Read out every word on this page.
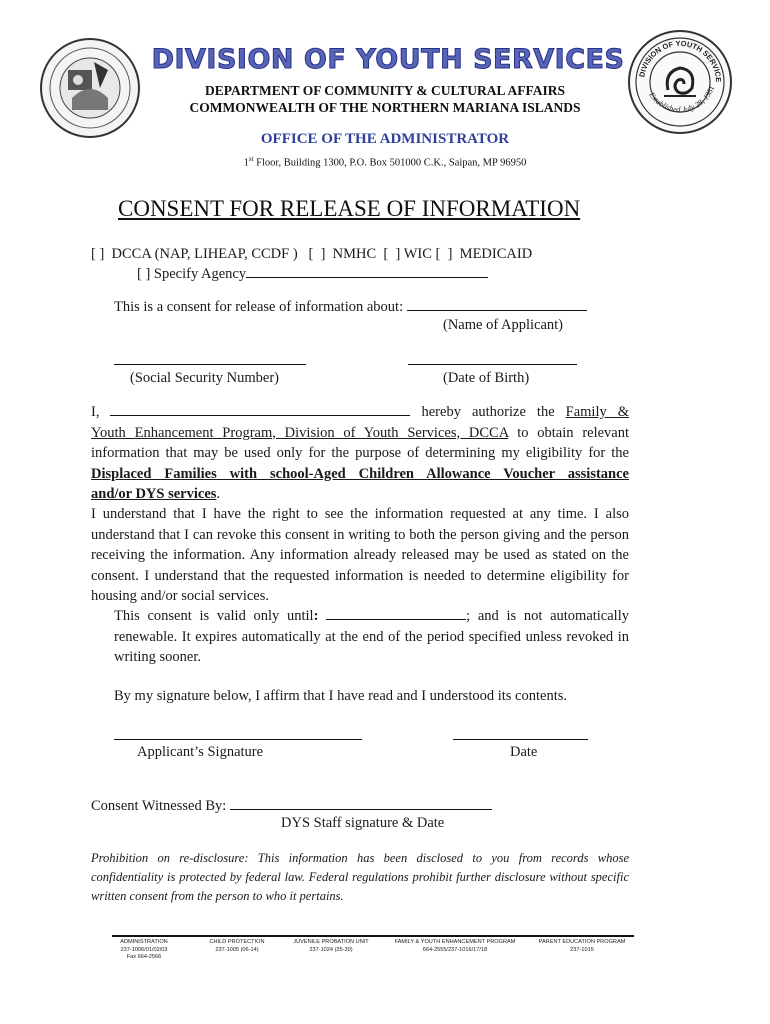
DIVISION OF YOUTH SERVICE
Established July 28, 1981
DIVISION OF YOUTH SERVICES
DEPARTMENT OF COMMUNITY & CULTURAL AFFAIRS
COMMONWEALTH OF THE NORTHERN MARIANA ISLANDS
OFFICE OF THE ADMINISTRATOR
1st Floor, Building 1300, P.O. Box 501000 C.K., Saipan, MP 96950
CONSENT FOR RELEASE OF INFORMATION
[ ]  DCCA (NAP, LIHEAP, CCDF )   [  ]  NMHC  [  ] WIC [  ]  MEDICAID
[ ] Specify Agency
This is a consent for release of information about:
(Name of Applicant)
(Social Security Number)	(Date of Birth)
I,	hereby authorize the Family &
Youth Enhancement Program, Division of Youth Services, DCCA to obtain relevant
information that may be used only for the purpose of determining my eligibility for the
Displaced Families with school-Aged Children Allowance Voucher assistance
and/or DYS services.
I understand that I have the right to see the information requested at any time. I also understand that I can revoke this consent in writing to both the person giving and the person receiving the information. Any information already released may be used as stated on the consent. I understand that the requested information is needed to determine eligibility for housing and/or social services.
This consent is valid only until:	; and is not automatically
renewable. It expires automatically at the end of the period specified unless revoked in writing sooner.
By my signature below, I affirm that I have read and I understood its contents.
Applicant’s Signature	Date
Consent Witnessed By:
DYS Staff signature & Date
Prohibition on re-disclosure: This information has been disclosed to you from records whose confidentiality is protected by federal law. Federal regulations prohibit further disclosure without specific written consent from the person to who it pertains.
ADMINISTRATION
237-1006/01/02/03
Fax 664-2566
CHILD PROTECTION
237-1005 (06-14)
JUVENILE PROBATION UNIT
237-1024 (25-30)
FAMILY & YOUTH ENHANCEMENT PROGRAM
664-2555/237-1016/17/18
PARENT EDUCATION PROGRAM
237-1015
